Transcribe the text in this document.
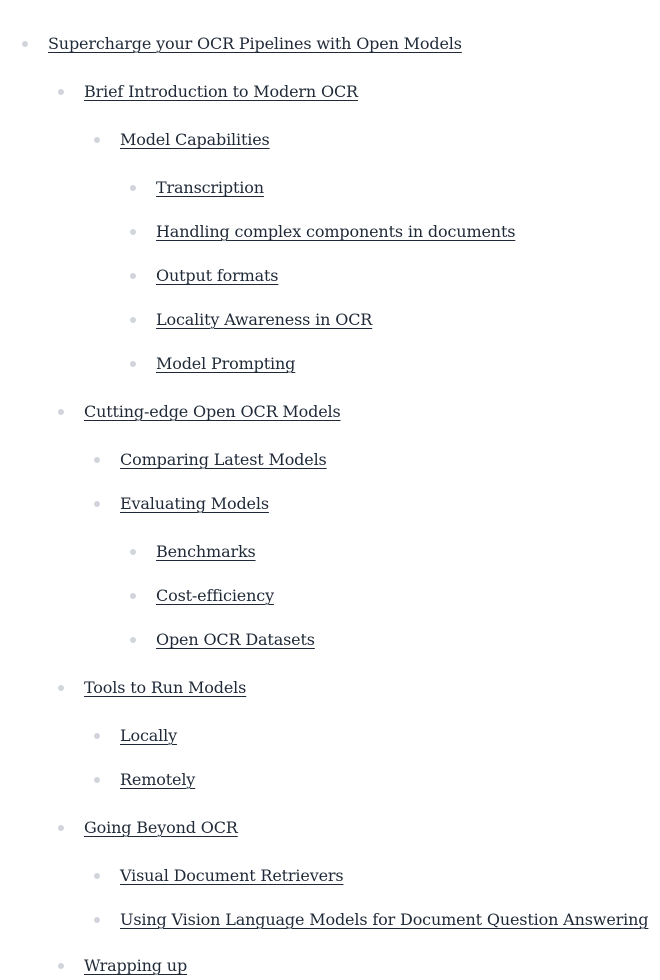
Supercharge your OCR Pipelines with Open Models
Brief Introduction to Modern OCR
Model Capabilities
Transcription
Handling complex components in documents
Output formats
Locality Awareness in OCR
Model Prompting
Cutting-edge Open OCR Models
Comparing Latest Models
Evaluating Models
Benchmarks
Cost-efficiency
Open OCR Datasets
Tools to Run Models
Locally
Remotely
Going Beyond OCR
Visual Document Retrievers
Using Vision Language Models for Document Question Answering
Wrapping up
